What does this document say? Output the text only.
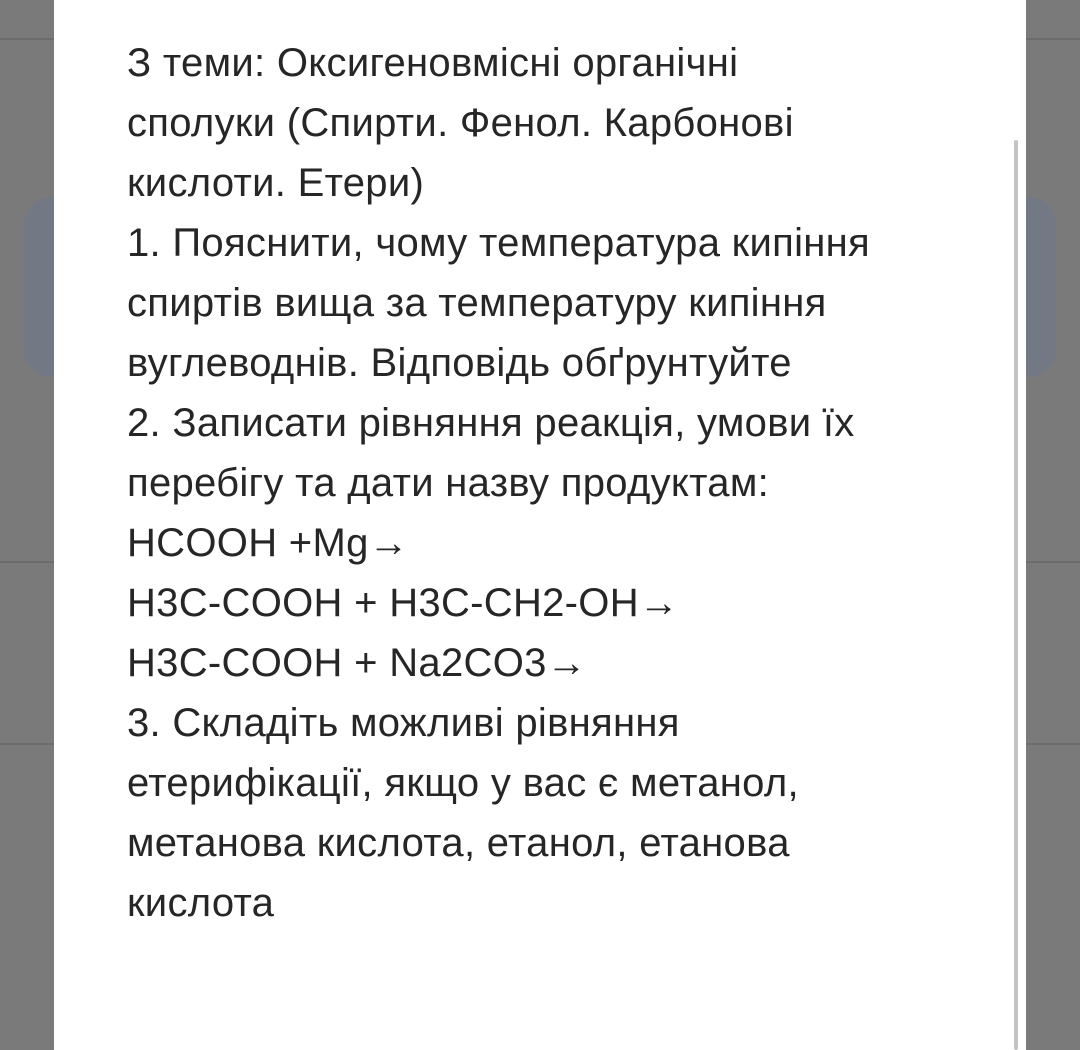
З теми: Оксигеновмісні органічні
сполуки (Спирти. Фенол. Карбонові
кислоти. Етери)
1. Пояснити, чому температура кипіння
спиртів вища за температуру кипіння
вуглеводнів. Відповідь обґрунтуйте
2. Записати рівняння реакція, умови їх
перебігу та дати назву продуктам:
HCOOH +Mg→
H3C-COOH + H3C-CH2-OH→
H3C-COOH + Na2CO3→
3. Складіть можливі рівняння
етерифікації, якщо у вас є метанол,
метанова кислота, етанол, етанова
кислота
